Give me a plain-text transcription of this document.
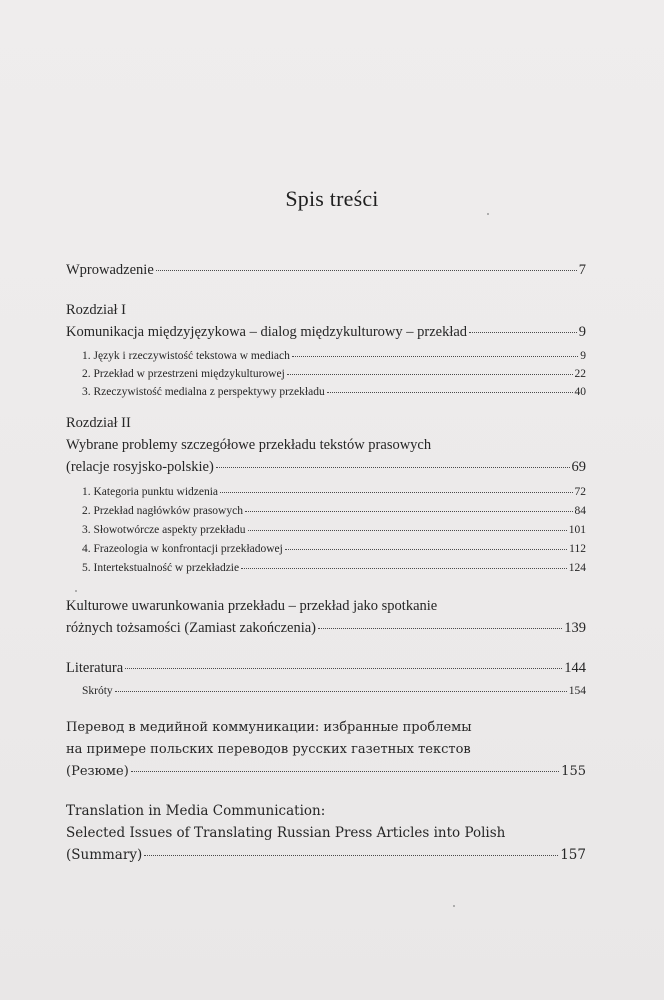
Spis treści
Wprowadzenie	7
Rozdział I
Komunikacja międzyjęzykowa – dialog międzykulturowy – przekład	9
1. Język i rzeczywistość tekstowa w mediach	9
2. Przekład w przestrzeni międzykulturowej	22
3. Rzeczywistość medialna z perspektywy przekładu	40
Rozdział II
Wybrane problemy szczegółowe przekładu tekstów prasowych
(relacje rosyjsko-polskie)	69
1. Kategoria punktu widzenia	72
2. Przekład nagłówków prasowych	84
3. Słowotwórcze aspekty przekładu	101
4. Frazeologia w konfrontacji przekładowej	112
5. Intertekstualność w przekładzie	124
Kulturowe uwarunkowania przekładu – przekład jako spotkanie
różnych tożsamości (Zamiast zakończenia)	139
Literatura	144
Skróty	154
Перевод в медийной коммуникации: избранные проблемы
на примере польских переводов русских газетных текстов
(Резюме)	155
Translation in Media Communication:
Selected Issues of Translating Russian Press Articles into Polish
(Summary)	157
